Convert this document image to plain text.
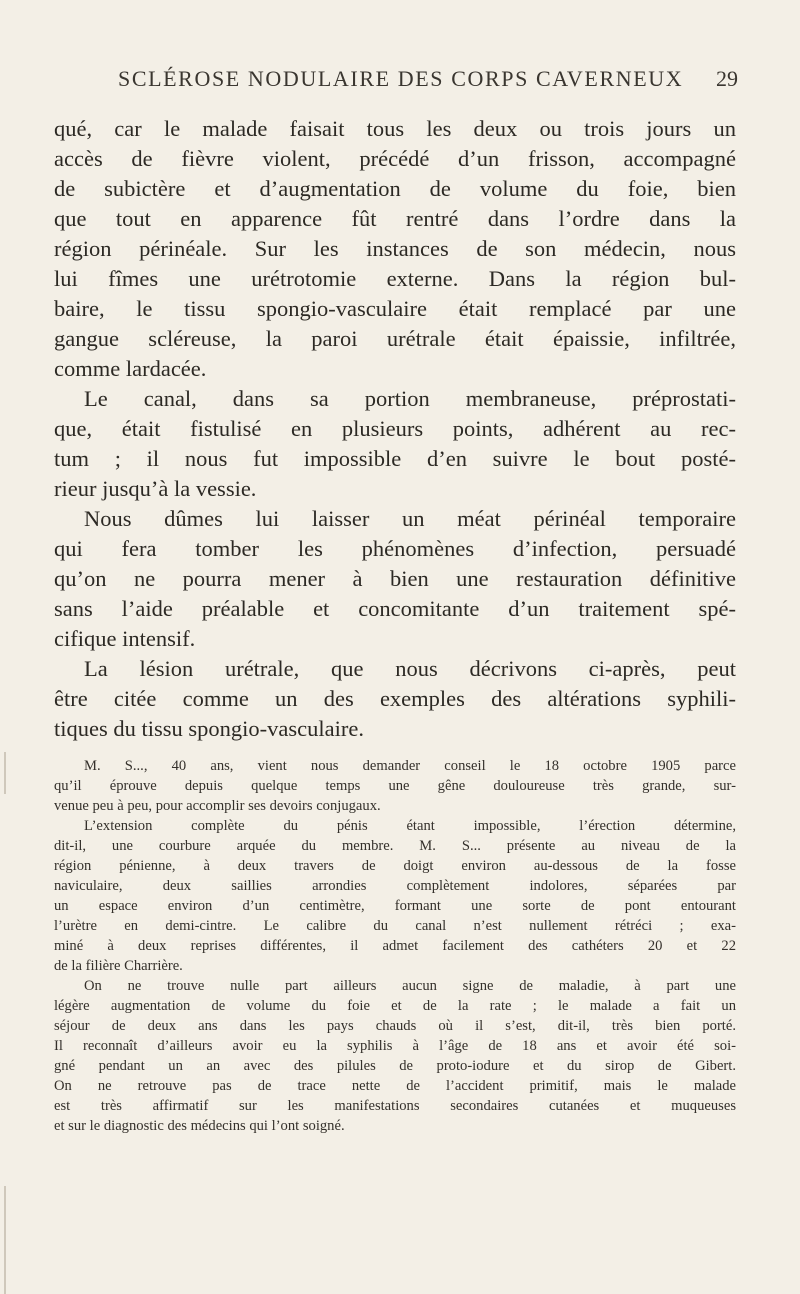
SCLÉROSE NODULAIRE DES CORPS CAVERNEUX 29
qué, car le malade faisait tous les deux ou trois jours un
accès de fièvre violent, précédé d’un frisson, accompagné
de subictère et d’augmentation de volume du foie, bien
que tout en apparence fût rentré dans l’ordre dans la
région périnéale. Sur les instances de son médecin, nous
lui fîmes une urétrotomie externe. Dans la région bul-
baire, le tissu spongio-vasculaire était remplacé par une
gangue scléreuse, la paroi urétrale était épaissie, infiltrée,
comme lardacée.
Le canal, dans sa portion membraneuse, préprostati-
que, était fistulisé en plusieurs points, adhérent au rec-
tum ; il nous fut impossible d’en suivre le bout posté-
rieur jusqu’à la vessie.
Nous dûmes lui laisser un méat périnéal temporaire
qui fera tomber les phénomènes d’infection, persuadé
qu’on ne pourra mener à bien une restauration définitive
sans l’aide préalable et concomitante d’un traitement spé-
cifique intensif.
La lésion urétrale, que nous décrivons ci-après, peut
être citée comme un des exemples des altérations syphili-
tiques du tissu spongio-vasculaire.
M. S..., 40 ans, vient nous demander conseil le 18 octobre 1905 parce
qu’il éprouve depuis quelque temps une gêne douloureuse très grande, sur-
venue peu à peu, pour accomplir ses devoirs conjugaux.
L’extension complète du pénis étant impossible, l’érection détermine,
dit-il, une courbure arquée du membre. M. S... présente au niveau de la
région pénienne, à deux travers de doigt environ au-dessous de la fosse
naviculaire, deux saillies arrondies complètement indolores, séparées par
un espace environ d’un centimètre, formant une sorte de pont entourant
l’urètre en demi-cintre. Le calibre du canal n’est nullement rétréci ; exa-
miné à deux reprises différentes, il admet facilement des cathéters 20 et 22
de la filière Charrière.
On ne trouve nulle part ailleurs aucun signe de maladie, à part une
légère augmentation de volume du foie et de la rate ; le malade a fait un
séjour de deux ans dans les pays chauds où il s’est, dit-il, très bien porté.
Il reconnaît d’ailleurs avoir eu la syphilis à l’âge de 18 ans et avoir été soi-
gné pendant un an avec des pilules de proto-iodure et du sirop de Gibert.
On ne retrouve pas de trace nette de l’accident primitif, mais le malade
est très affirmatif sur les manifestations secondaires cutanées et muqueuses
et sur le diagnostic des médecins qui l’ont soigné.
